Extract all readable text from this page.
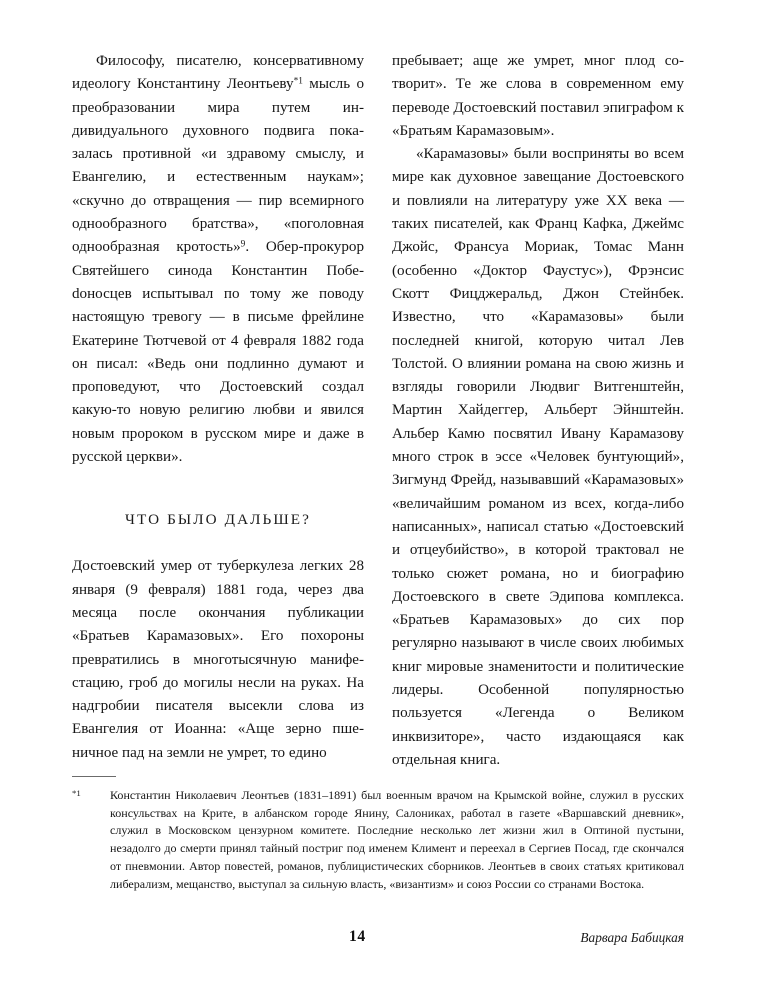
Философу, писателю, консервативному идеологу Константину Леонтьеву$^{*1}$ мысль о преобразовании мира путем индивидуального духовного подвига показалась противной «и здравому смыслу, и Евангелию, и естественным наукам»; «скучно до отвращения — пир всемирного однообразного братства», «поголовная однообразная кротость»$^9$. Обер-прокурор Святейшего синода Константин Побеdоносцев испытывал по тому же поводу настоящую тревогу — в письме фрейлине Екатерине Тютчевой от 4 февраля 1882 года он писал: «Ведь они подлинно думают и проповедуют, что Достоевский создал какую-то новую религию любви и явился новым пророком в русском мире и даже в русской церкви».

ЧТО БЫЛО ДАЛЬШЕ?

Достоевский умер от туберкулеза легких 28 января (9 февраля) 1881 года, через два месяца после окончания публикации «Братьев Карамазовых». Его похороны превратились в многотысячную манифестацию, гроб до могилы несли на руках. На надгробии писателя высекли слова из Евангелия от Иоанна: «Аще зерно пшеничное пад на земли не умрет, то едино

пребывает; аще же умрет, мног плод сотворит». Те же слова в современном ему переводе Достоевский поставил эпиграфом к «Братьям Карамазовым».

«Карамазовы» были восприняты во всем мире как духовное завещание Достоевского и повлияли на литературу уже XX века — таких писателей, как Франц Кафка, Джеймс Джойс, Франсуа Мориак, Томас Манн (особенно «Доктор Фаустус»), Фрэнсис Скотт Фицджеральд, Джон Стейнбек. Известно, что «Карамазовы» были последней книгой, которую читал Лев Толстой. О влиянии романа на свою жизнь и взгляды говорили Людвиг Витгенштейн, Мартин Хайдеггер, Альберт Эйнштейн. Альбер Камю посвятил Ивану Карамазову много строк в эссе «Человек бунтующий», Зигмунд Фрейд, называвший «Карамазовых» «величайшим романом из всех, когда-либо написанных», написал статью «Достоевский и отцеубийство», в которой трактовал не только сюжет романа, но и биографию Достоевского в свете Эдипова комплекса. «Братьев Карамазовых» до сих пор регулярно называют в числе своих любимых книг мировые знаменитости и политические лидеры. Особенной популярностью пользуется «Легенда о Великом инквизиторе», часто издающаяся как отдельная книга.

$^{*1}$	Константин Николаевич Леонтьев (1831–1891) был военным врачом на Крымской войне, служил в русских консульствах на Крите, в албанском городе Янину, Салониках, работал в газете «Варшавский дневник», служил в Московском цензурном комитете. Последние несколько лет жизни жил в Оптиной пустыни, незадолго до смерти принял тайный постриг под именем Климент и переехал в Сергиев Посад, где скончался от пневмонии. Автор повестей, романов, публицистических сборников. Леонтьев в своих статьях критиковал либерализм, мещанство, выступал за сильную власть, «византизм» и союз России со странами Востока.
14	Варвара Бабицкая
